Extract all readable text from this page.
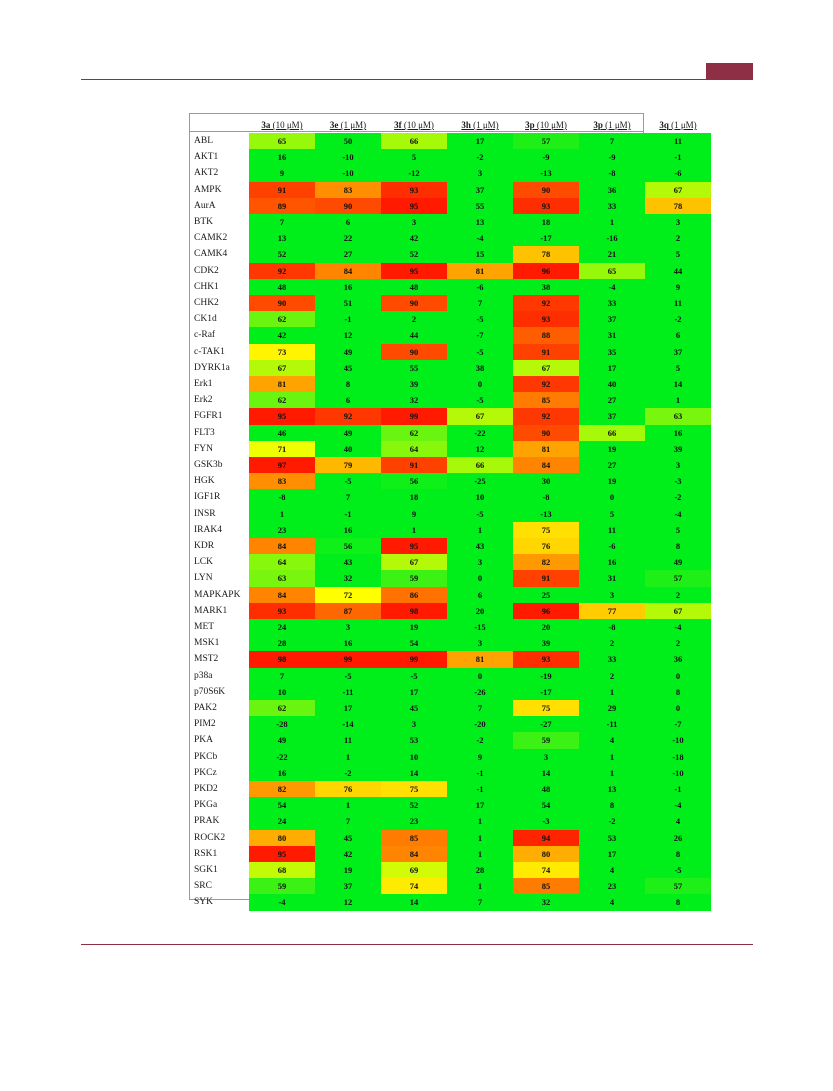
3a (10 μM)	3e (1 μM)	3f (10 μM)	3h (1 μM)	3p (10 μM)	3p (1 μM)	3q (1 μM)
ABL	65	50	66	17	57	7	11
AKT1	16	-10	5	-2	-9	-9	-1
AKT2	9	-10	-12	3	-13	-8	-6
AMPK	91	83	93	37	90	36	67
AurA	89	90	95	55	93	33	78
BTK	7	6	3	13	18	1	3
CAMK2	13	22	42	-4	-17	-16	2
CAMK4	52	27	52	15	78	21	5
CDK2	92	84	95	81	96	65	44
CHK1	48	16	48	-6	38	-4	9
CHK2	90	51	90	7	92	33	11
CK1d	62	-1	2	-5	93	37	-2
c-Raf	42	12	44	-7	88	31	6
c-TAK1	73	49	90	-5	91	35	37
DYRK1a	67	45	55	38	67	17	5
Erk1	81	8	39	0	92	40	14
Erk2	62	6	32	-5	85	27	1
FGFR1	95	92	99	67	92	37	63
FLT3	46	49	62	-22	90	66	16
FYN	71	40	64	12	81	19	39
GSK3b	97	79	91	66	84	27	3
HGK	83	-5	56	-25	30	19	-3
IGF1R	-8	7	18	10	-8	0	-2
INSR	1	-1	9	-5	-13	5	-4
IRAK4	23	16	1	1	75	11	5
KDR	84	56	95	43	76	-6	8
LCK	64	43	67	3	82	16	49
LYN	63	32	59	0	91	31	57
MAPKAPK	84	72	86	6	25	3	2
MARK1	93	87	98	20	96	77	67
MET	24	3	19	-15	20	-8	-4
MSK1	28	16	54	3	39	2	2
MST2	98	99	99	81	93	33	36
p38a	7	-5	-5	0	-19	2	0
p70S6K	10	-11	17	-26	-17	1	8
PAK2	62	17	45	7	75	29	0
PIM2	-28	-14	3	-20	-27	-11	-7
PKA	49	11	53	-2	59	4	-10
PKCb	-22	1	10	9	3	1	-18
PKCz	16	-2	14	-1	14	1	-10
PKD2	82	76	75	-1	48	13	-1
PKGa	54	1	52	17	54	8	-4
PRAK	24	7	23	1	-3	-2	4
ROCK2	80	45	85	1	94	53	26
RSK1	95	42	84	1	80	17	8
SGK1	68	19	69	28	74	4	-5
SRC	59	37	74	1	85	23	57
SYK	-4	12	14	7	32	4	8
